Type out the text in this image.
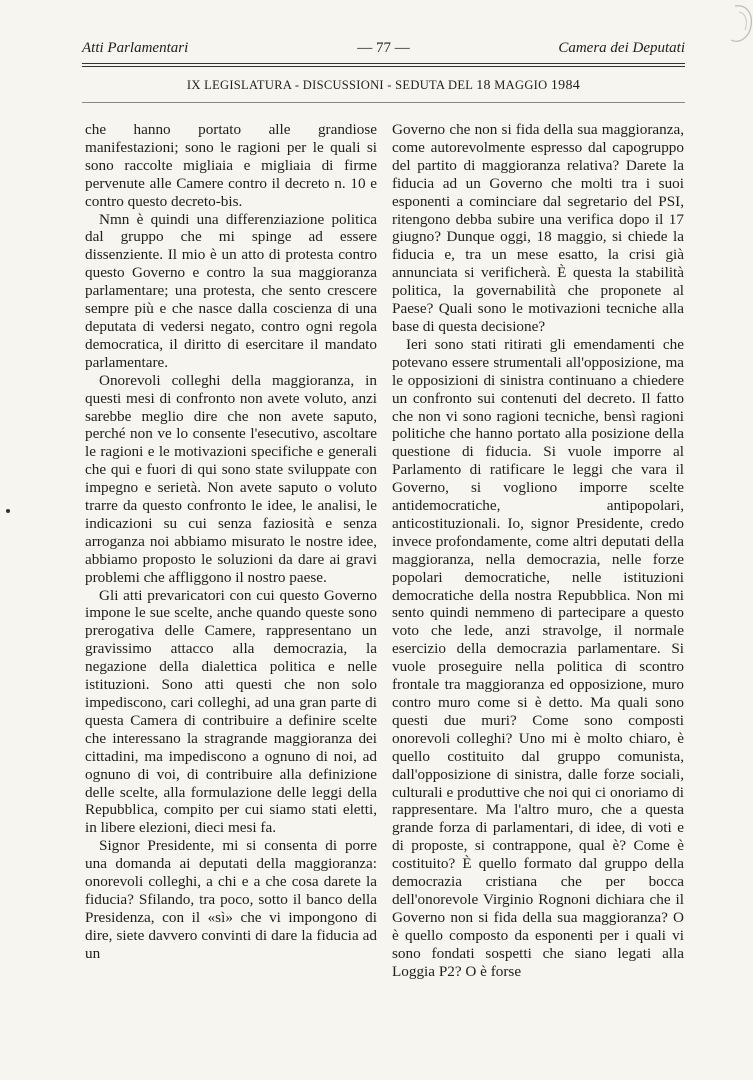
Atti Parlamentari	— 77 —	Camera dei Deputati
IX LEGISLATURA - DISCUSSIONI - SEDUTA DEL 18 MAGGIO 1984

che hanno portato alle grandiose manifestazioni; sono le ragioni per le quali si sono raccolte migliaia e migliaia di firme pervenute alle Camere contro il decreto n. 10 e contro questo decreto-bis.

Nmn è quindi una differenziazione politica dal gruppo che mi spinge ad essere dissenziente. Il mio è un atto di protesta contro questo Governo e contro la sua maggioranza parlamentare; una protesta, che sento crescere sempre più e che nasce dalla coscienza di una deputata di vedersi negato, contro ogni regola democratica, il diritto di esercitare il mandato parlamentare.

Onorevoli colleghi della maggioranza, in questi mesi di confronto non avete voluto, anzi sarebbe meglio dire che non avete saputo, perché non ve lo consente l'esecutivo, ascoltare le ragioni e le motivazioni specifiche e generali che qui e fuori di qui sono state sviluppate con impegno e serietà. Non avete saputo o voluto trarre da questo confronto le idee, le analisi, le indicazioni su cui senza faziosità e senza arroganza noi abbiamo misurato le nostre idee, abbiamo proposto le soluzioni da dare ai gravi problemi che affliggono il nostro paese.

Gli atti prevaricatori con cui questo Governo impone le sue scelte, anche quando queste sono prerogativa delle Camere, rappresentano un gravissimo attacco alla democrazia, la negazione della dialettica politica e nelle istituzioni. Sono atti questi che non solo impediscono, cari colleghi, ad una gran parte di questa Camera di contribuire a definire scelte che interessano la stragrande maggioranza dei cittadini, ma impediscono a ognuno di noi, ad ognuno di voi, di contribuire alla definizione delle scelte, alla formulazione delle leggi della Repubblica, compito per cui siamo stati eletti, in libere elezioni, dieci mesi fa.

Signor Presidente, mi si consenta di porre una domanda ai deputati della maggioranza: onorevoli colleghi, a chi e a che cosa darete la fiducia? Sfilando, tra poco, sotto il banco della Presidenza, con il «sì» che vi impongono di dire, siete davvero convinti di dare la fiducia ad un

Governo che non si fida della sua maggioranza, come autorevolmente espresso dal capogruppo del partito di maggioranza relativa? Darete la fiducia ad un Governo che molti tra i suoi esponenti a cominciare dal segretario del PSI, ritengono debba subire una verifica dopo il 17 giugno? Dunque oggi, 18 maggio, si chiede la fiducia e, tra un mese esatto, la crisi già annunciata si verificherà. È questa la stabilità politica, la governabilità che proponete al Paese? Quali sono le motivazioni tecniche alla base di questa decisione?

Ieri sono stati ritirati gli emendamenti che potevano essere strumentali all'opposizione, ma le opposizioni di sinistra continuano a chiedere un confronto sui contenuti del decreto. Il fatto che non vi sono ragioni tecniche, bensì ragioni politiche che hanno portato alla posizione della questione di fiducia. Si vuole imporre al Parlamento di ratificare le leggi che vara il Governo, si vogliono imporre scelte antidemocratiche, antipopolari, anticostituzionali. Io, signor Presidente, credo invece profondamente, come altri deputati della maggioranza, nella democrazia, nelle forze popolari democratiche, nelle istituzioni democratiche della nostra Repubblica. Non mi sento quindi nemmeno di partecipare a questo voto che lede, anzi stravolge, il normale esercizio della democrazia parlamentare. Si vuole proseguire nella politica di scontro frontale tra maggioranza ed opposizione, muro contro muro come si è detto. Ma quali sono questi due muri? Come sono composti onorevoli colleghi? Uno mi è molto chiaro, è quello costituito dal gruppo comunista, dall'opposizione di sinistra, dalle forze sociali, culturali e produttive che noi qui ci onoriamo di rappresentare. Ma l'altro muro, che a questa grande forza di parlamentari, di idee, di voti e di proposte, si contrappone, qual è? Come è costituito? È quello formato dal gruppo della democrazia cristiana che per bocca dell'onorevole Virginio Rognoni dichiara che il Governo non si fida della sua maggioranza? O è quello composto da esponenti per i quali vi sono fondati sospetti che siano legati alla Loggia P2? O è forse
